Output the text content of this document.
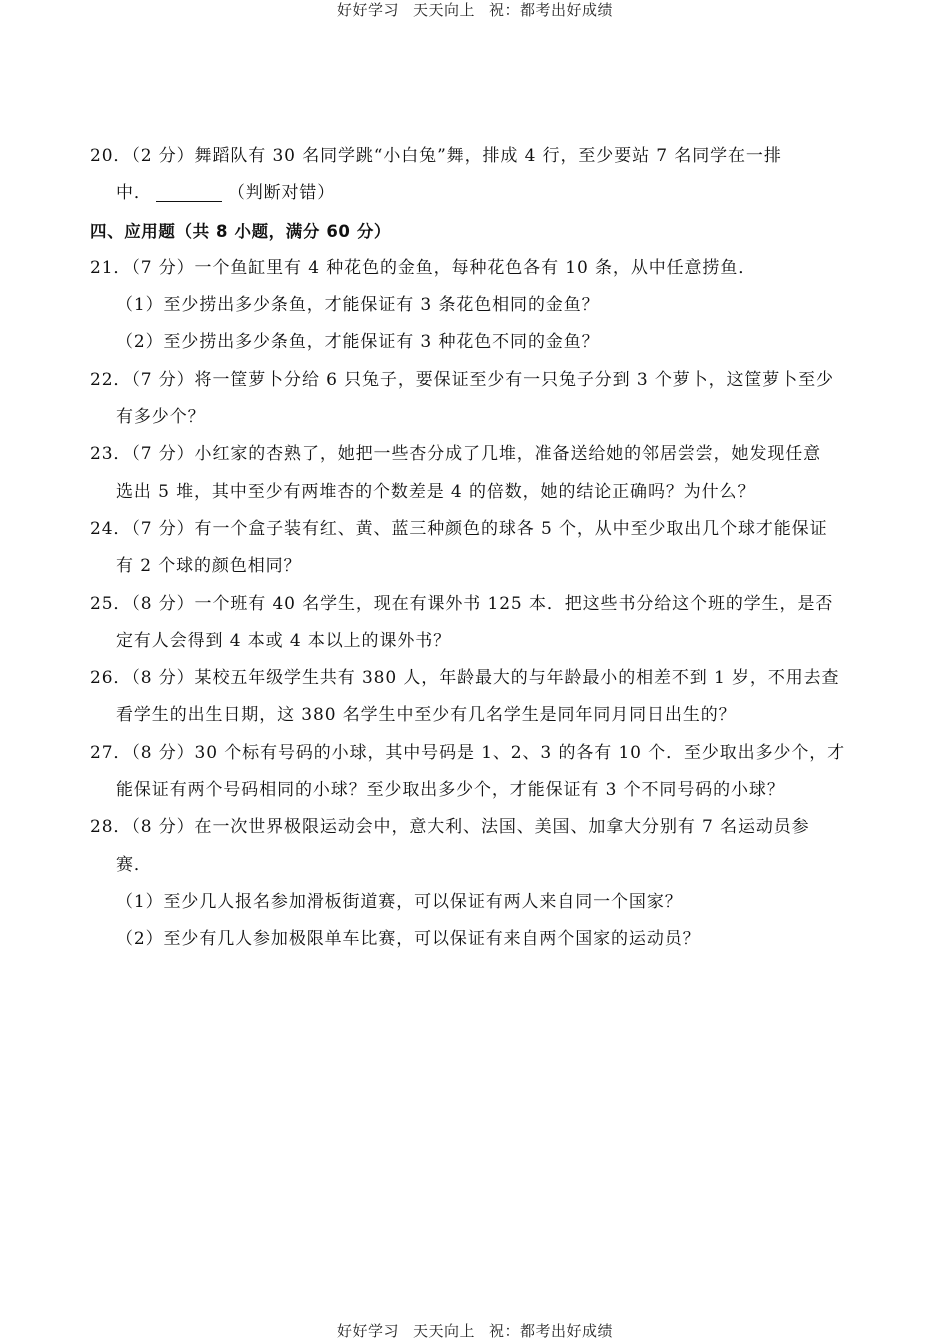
好好学习 天天向上 祝：都考出好成绩
20．（2 分）舞蹈队有 30 名同学跳“小白兔”舞，排成 4 行，至少要站 7 名同学在一排
中．	（判断对错）
四、应用题（共 8 小题，满分 60 分）
21．（7 分）一个鱼缸里有 4 种花色的金鱼，每种花色各有 10 条，从中任意捞鱼．
（1）至少捞出多少条鱼，才能保证有 3 条花色相同的金鱼？
（2）至少捞出多少条鱼，才能保证有 3 种花色不同的金鱼？
22．（7 分）将一筐萝卜分给 6 只兔子，要保证至少有一只兔子分到 3 个萝卜，这筐萝卜至少
有多少个？
23．（7 分）小红家的杏熟了，她把一些杏分成了几堆，准备送给她的邻居尝尝，她发现任意
选出 5 堆，其中至少有两堆杏的个数差是 4 的倍数，她的结论正确吗？为什么？
24．（7 分）有一个盒子装有红、黄、蓝三种颜色的球各 5 个，从中至少取出几个球才能保证
有 2 个球的颜色相同？
25．（8 分）一个班有 40 名学生，现在有课外书 125 本．把这些书分给这个班的学生，是否
定有人会得到 4 本或 4 本以上的课外书？
26．（8 分）某校五年级学生共有 380 人，年龄最大的与年龄最小的相差不到 1 岁，不用去查
看学生的出生日期，这 380 名学生中至少有几名学生是同年同月同日出生的？
27．（8 分）30 个标有号码的小球，其中号码是 1、2、3 的各有 10 个．至少取出多少个，才
能保证有两个号码相同的小球？至少取出多少个，才能保证有 3 个不同号码的小球？
28．（8 分）在一次世界极限运动会中，意大利、法国、美国、加拿大分别有 7 名运动员参
赛．
（1）至少几人报名参加滑板街道赛，可以保证有两人来自同一个国家？
（2）至少有几人参加极限单车比赛，可以保证有来自两个国家的运动员？
好好学习 天天向上 祝：都考出好成绩
